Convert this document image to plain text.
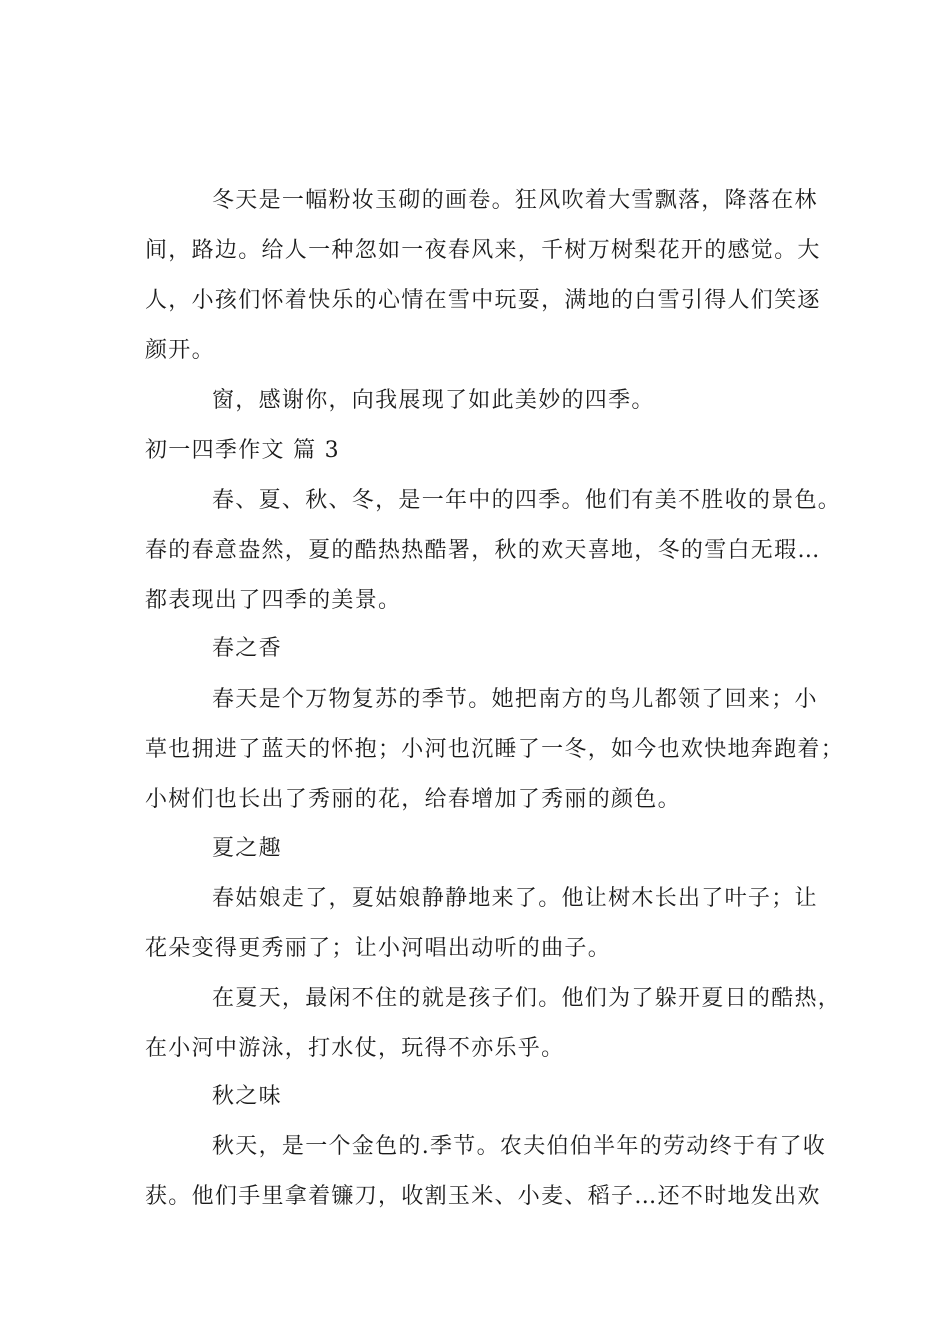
冬天是一幅粉妆玉砌的画卷。狂风吹着大雪飘落，降落在林
间，路边。给人一种忽如一夜春风来，千树万树梨花开的感觉。大
人，小孩们怀着快乐的心情在雪中玩耍，满地的白雪引得人们笑逐
颜开。
窗，感谢你，向我展现了如此美妙的四季。
初一四季作文 篇 3
春、夏、秋、冬，是一年中的四季。他们有美不胜收的景色。
春的春意盎然，夏的酷热热酷署，秋的欢天喜地，冬的雪白无瑕…
都表现出了四季的美景。
春之香
春天是个万物复苏的季节。她把南方的鸟儿都领了回来；小
草也拥进了蓝天的怀抱；小河也沉睡了一冬，如今也欢快地奔跑着；
小树们也长出了秀丽的花，给春增加了秀丽的颜色。
夏之趣
春姑娘走了，夏姑娘静静地来了。他让树木长出了叶子；让
花朵变得更秀丽了；让小河唱出动听的曲子。
在夏天，最闲不住的就是孩子们。他们为了躲开夏日的酷热，
在小河中游泳，打水仗，玩得不亦乐乎。
秋之味
秋天，是一个金色的.季节。农夫伯伯半年的劳动终于有了收
获。他们手里拿着镰刀，收割玉米、小麦、稻子…还不时地发出欢
